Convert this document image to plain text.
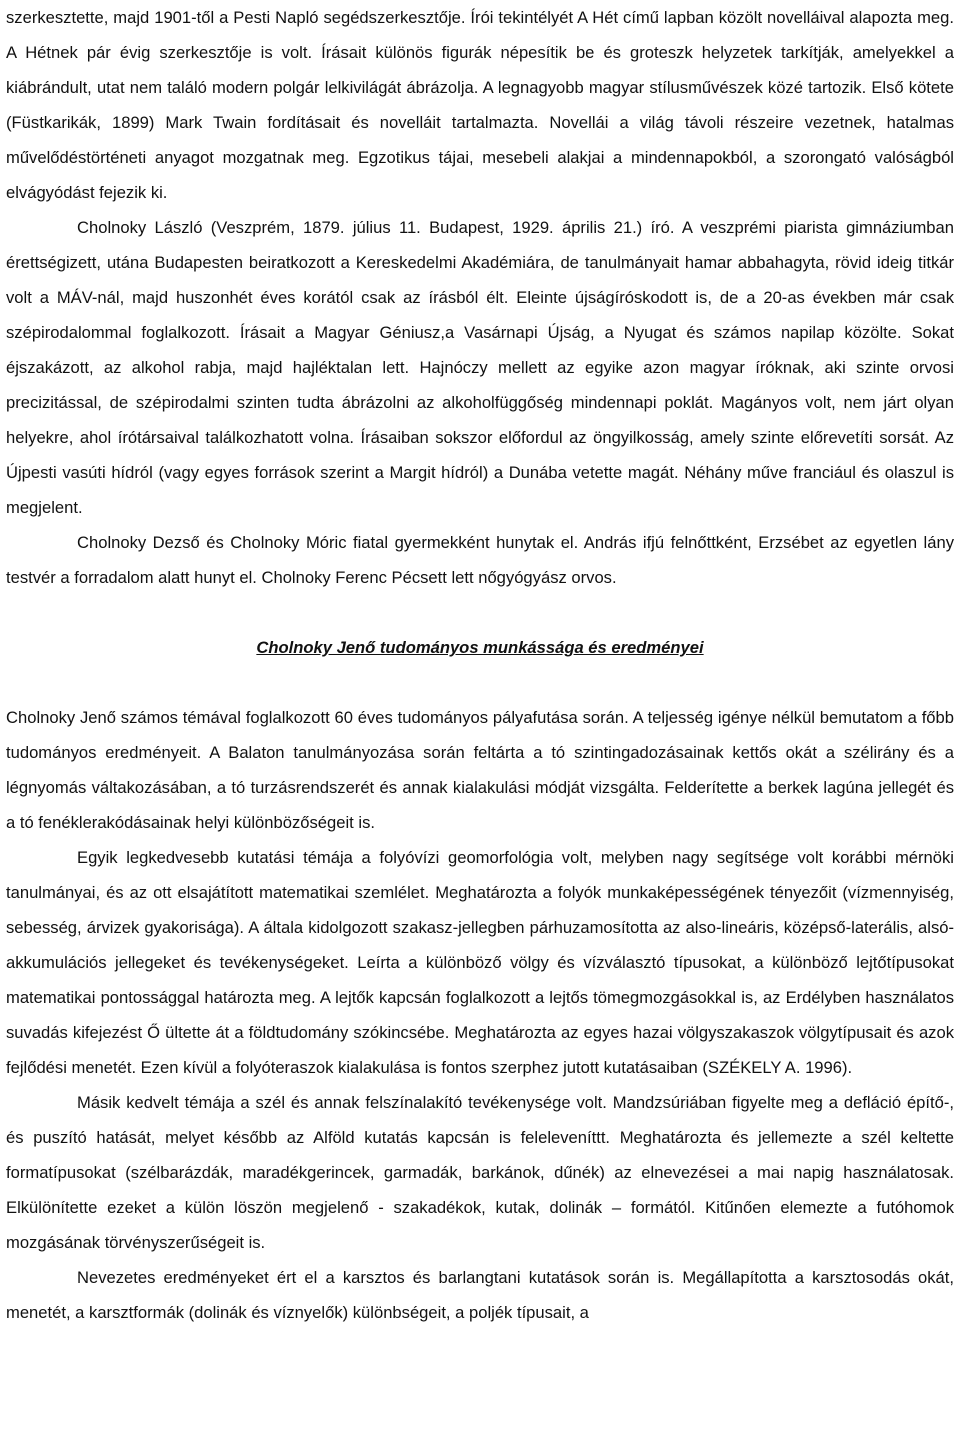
szerkesztette, majd 1901-től a Pesti Napló segédszerkesztője. Írói tekintélyét A Hét című lapban közölt novelláival alapozta meg. A Hétnek pár évig szerkesztője is volt. Írásait különös figurák népesítik be és groteszk helyzetek tarkítják, amelyekkel a kiábrándult, utat nem találó modern polgár lelkivilágát ábrázolja. A legnagyobb magyar stílusművészek közé tartozik. Első kötete (Füstkarikák, 1899) Mark Twain fordításait és novelláit tartalmazta. Novellái a világ távoli részeire vezetnek, hatalmas művelődéstörténeti anyagot mozgatnak meg. Egzotikus tájai, mesebeli alakjai a mindennapokból, a szorongató valóságból elvágyódást fejezik ki.

Cholnoky László (Veszprém, 1879. július 11. Budapest, 1929. április 21.) író. A veszprémi piarista gimnáziumban érettségizett, utána Budapesten beiratkozott a Kereskedelmi Akadémiára, de tanulmányait hamar abbahagyta, rövid ideig titkár volt a MÁV-nál, majd huszonhét éves korától csak az írásból élt. Eleinte újságíróskodott is, de a 20-as években már csak szépirodalommal foglalkozott. Írásait a Magyar Géniusz,a Vasárnapi Újság, a Nyugat és számos napilap közölte. Sokat éjszakázott, az alkohol rabja, majd hajléktalan lett. Hajnóczy mellett az egyike azon magyar íróknak, aki szinte orvosi precizitással, de szépirodalmi szinten tudta ábrázolni az alkoholfüggőség mindennapi poklát. Magányos volt, nem járt olyan helyekre, ahol írótársaival találkozhatott volna. Írásaiban sokszor előfordul az öngyilkosság, amely szinte előrevetíti sorsát. Az Újpesti vasúti hídról (vagy egyes források szerint a Margit hídról) a Dunába vetette magát. Néhány műve franciául és olaszul is megjelent.

Cholnoky Dezső és Cholnoky Móric fiatal gyermekként hunytak el. András ifjú felnőttként, Erzsébet az egyetlen lány testvér a forradalom alatt hunyt el. Cholnoky Ferenc Pécsett lett nőgyógyász orvos.

Cholnoky Jenő tudományos munkássága és eredményei

Cholnoky Jenő számos témával foglalkozott 60 éves tudományos pályafutása során. A teljesség igénye nélkül bemutatom a főbb tudományos eredményeit. A Balaton tanulmányozása során feltárta a tó szintingadozásainak kettős okát a szélirány és a légnyomás váltakozásában, a tó turzásrendszerét és annak kialakulási módját vizsgálta. Felderítette a berkek lagúna jellegét és a tó fenéklerakódásainak helyi különbözőségeit is.

Egyik legkedvesebb kutatási témája a folyóvízi geomorfológia volt, melyben nagy segítsége volt korábbi mérnöki tanulmányai, és az ott elsajátított matematikai szemlélet. Meghatározta a folyók munkaképességének tényezőit (vízmennyiség, sebesség, árvizek gyakorisága). A általa kidolgozott szakasz-jellegben párhuzamosította az also-lineáris, középső-laterális, alsó-akkumulációs jellegeket és tevékenységeket. Leírta a különböző völgy és vízválasztó típusokat, a különböző lejtőtípusokat matematikai pontossággal határozta meg. A lejtők kapcsán foglalkozott a lejtős tömegmozgásokkal is, az Erdélyben használatos suvadás kifejezést Ő ültette át a földtudomány szókincsébe. Meghatározta az egyes hazai völgyszakaszok völgytípusait és azok fejlődési menetét. Ezen kívül a folyóteraszok kialakulása is fontos szerphez jutott kutatásaiban (SZÉKELY A. 1996).

Másik kedvelt témája a szél és annak felszínalakító tevékenysége volt. Mandzsúriában figyelte meg a defláció építő-, és puszító hatását, melyet később az Alföld kutatás kapcsán is feleleveníttt. Meghatározta és jellemezte a szél keltette formatípusokat (szélbarázdák, maradékgerincek, garmadák, barkánok, dűnék) az elnevezései a mai napig használatosak. Elkülönítette ezeket a külön löszön megjelenő - szakadékok, kutak, dolinák – formától. Kitűnően elemezte a futóhomok mozgásának törvényszerűségeit is.

Nevezetes eredményeket ért el a karsztos és barlangtani kutatások során is. Megállapította a karsztosodás okát, menetét, a karsztformák (dolinák és víznyelők) különbségeit, a poljék típusait, a
